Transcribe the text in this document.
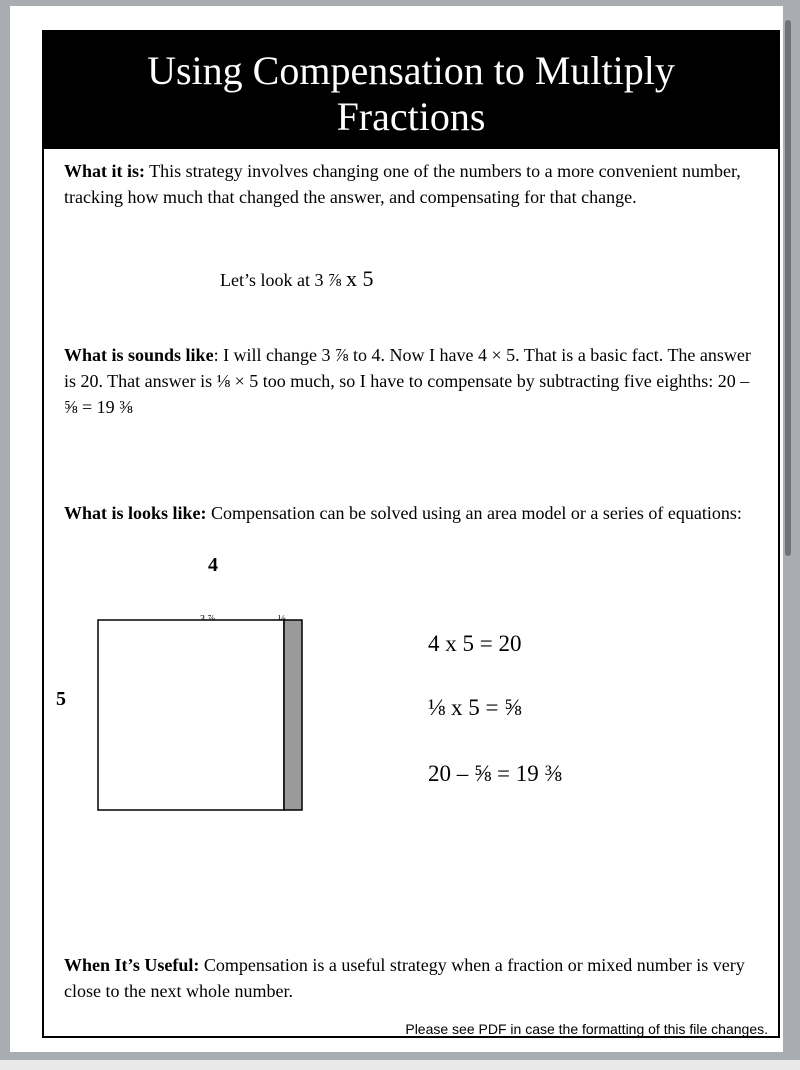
Using Compensation to Multiply
Fractions
What it is: This strategy involves changing one of the numbers to a more convenient number, tracking how much that changed the answer, and compensating for that change.
Let’s look at 3 ⅞ x 5
What is sounds like: I will change 3 ⅞ to 4. Now I have 4 × 5. That is a basic fact. The answer is 20. That answer is ⅛ × 5 too much, so I have to compensate by subtracting five eighths: 20 – ⅝ = 19 ⅜
What is looks like: Compensation can be solved using an area model or a series of equations:
4
5
4 x 5 = 20
⅛ x 5 = ⅝
20 – ⅝ = 19 ⅜
When It’s Useful: Compensation is a useful strategy when a fraction or mixed number is very close to the next whole number.
Please see PDF in case the formatting of this file changes.
